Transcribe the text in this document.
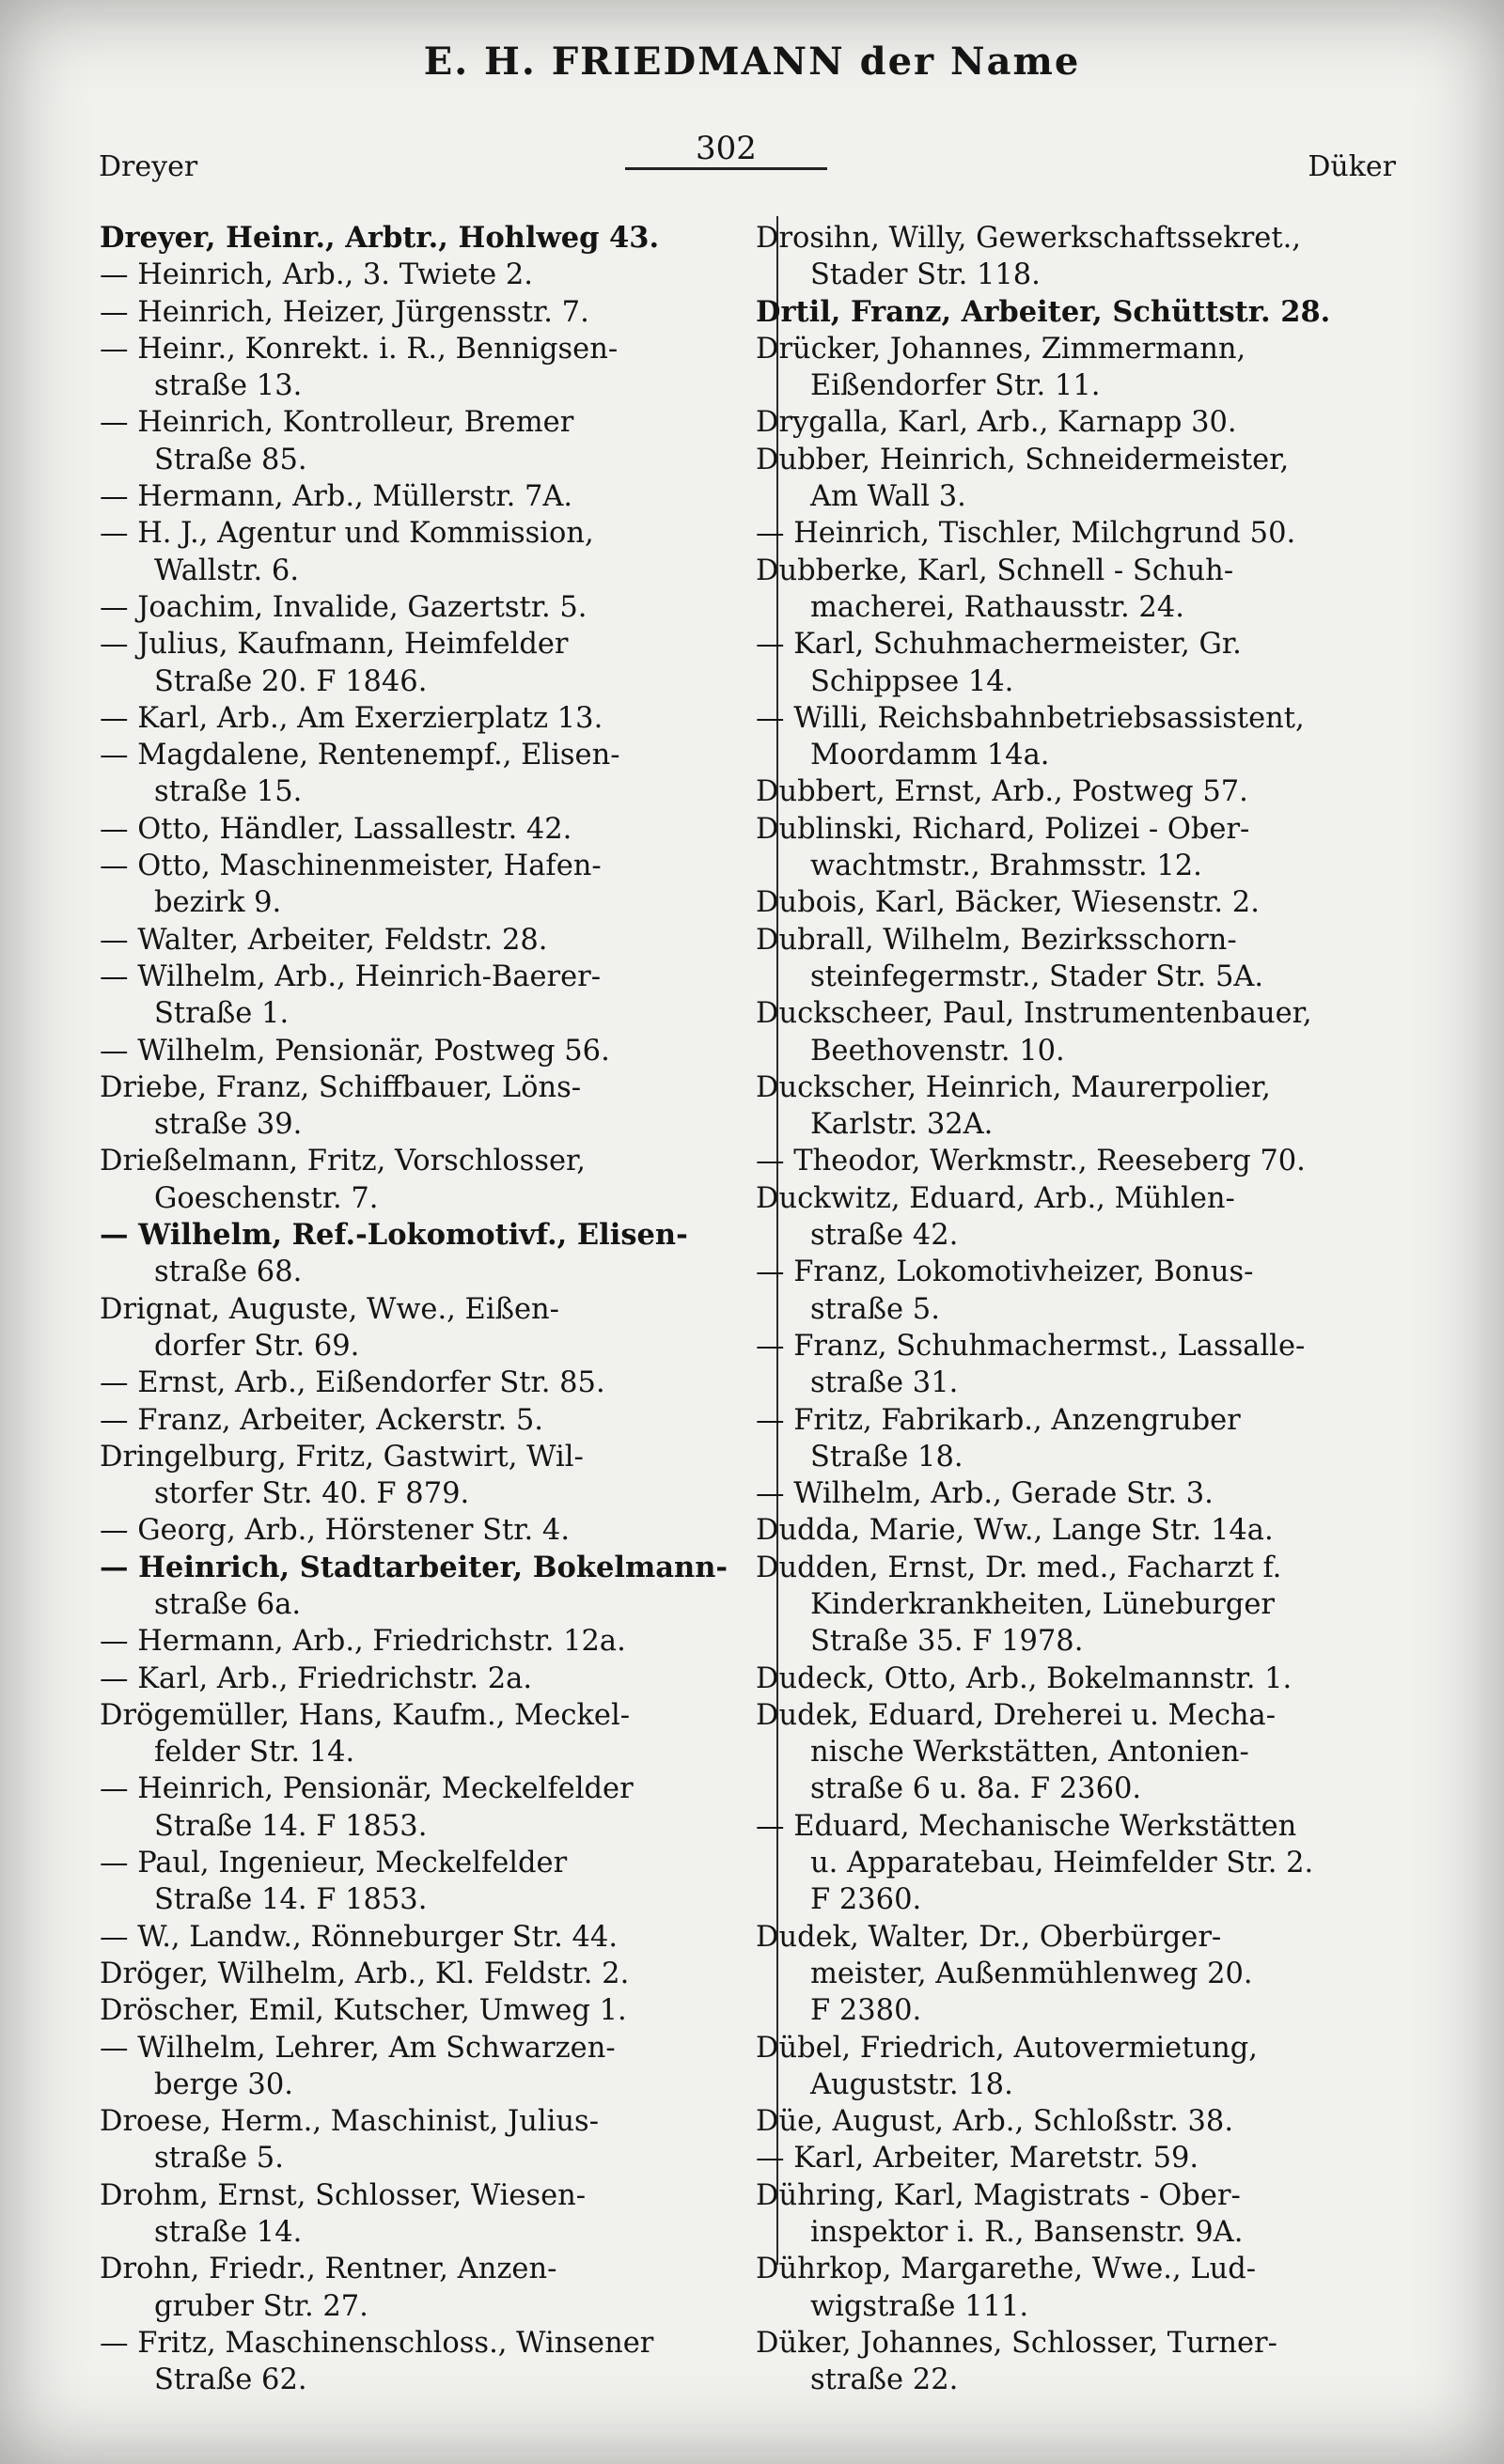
E. H. FRIEDMANN der Name
Dreyer	302	Düker
Dreyer, Heinr., Arbtr., Hohlweg 43.
— Heinrich, Arb., 3. Twiete 2.
— Heinrich, Heizer, Jürgensstr. 7.
— Heinr., Konrekt. i. R., Bennigsen-
straße 13.
— Heinrich, Kontrolleur, Bremer
Straße 85.
— Hermann, Arb., Müllerstr. 7A.
— H. J., Agentur und Kommission,
Wallstr. 6.
— Joachim, Invalide, Gazertstr. 5.
— Julius, Kaufmann, Heimfelder
Straße 20. F 1846.
— Karl, Arb., Am Exerzierplatz 13.
— Magdalene, Rentenempf., Elisen-
straße 15.
— Otto, Händler, Lassallestr. 42.
— Otto, Maschinenmeister, Hafen-
bezirk 9.
— Walter, Arbeiter, Feldstr. 28.
— Wilhelm, Arb., Heinrich-Baerer-
Straße 1.
— Wilhelm, Pensionär, Postweg 56.
Driebe, Franz, Schiffbauer, Löns-
straße 39.
Drießelmann, Fritz, Vorschlosser,
Goeschenstr. 7.
— Wilhelm, Ref.-Lokomotivf., Elisen-
straße 68.
Drignat, Auguste, Wwe., Eißen-
dorfer Str. 69.
— Ernst, Arb., Eißendorfer Str. 85.
— Franz, Arbeiter, Ackerstr. 5.
Dringelburg, Fritz, Gastwirt, Wil-
storfer Str. 40. F 879.
— Georg, Arb., Hörstener Str. 4.
— Heinrich, Stadtarbeiter, Bokelmann-
straße 6a.
— Hermann, Arb., Friedrichstr. 12a.
— Karl, Arb., Friedrichstr. 2a.
Drögemüller, Hans, Kaufm., Meckel-
felder Str. 14.
— Heinrich, Pensionär, Meckelfelder
Straße 14. F 1853.
— Paul, Ingenieur, Meckelfelder
Straße 14. F 1853.
— W., Landw., Rönneburger Str. 44.
Dröger, Wilhelm, Arb., Kl. Feldstr. 2.
Dröscher, Emil, Kutscher, Umweg 1.
— Wilhelm, Lehrer, Am Schwarzen-
berge 30.
Droese, Herm., Maschinist, Julius-
straße 5.
Drohm, Ernst, Schlosser, Wiesen-
straße 14.
Drohn, Friedr., Rentner, Anzen-
gruber Str. 27.
— Fritz, Maschinenschloss., Winsener
Straße 62.
Drosihn, Willy, Gewerkschaftssekret.,
Stader Str. 118.
Drtil, Franz, Arbeiter, Schüttstr. 28.
Drücker, Johannes, Zimmermann,
Eißendorfer Str. 11.
Drygalla, Karl, Arb., Karnapp 30.
Dubber, Heinrich, Schneidermeister,
Am Wall 3.
— Heinrich, Tischler, Milchgrund 50.
Dubberke, Karl, Schnell - Schuh-
macherei, Rathausstr. 24.
— Karl, Schuhmachermeister, Gr.
Schippsee 14.
— Willi, Reichsbahnbetriebsassistent,
Moordamm 14a.
Dubbert, Ernst, Arb., Postweg 57.
Dublinski, Richard, Polizei - Ober-
wachtmstr., Brahmsstr. 12.
Dubois, Karl, Bäcker, Wiesenstr. 2.
Dubrall, Wilhelm, Bezirksschorn-
steinfegermstr., Stader Str. 5A.
Duckscheer, Paul, Instrumentenbauer,
Beethovenstr. 10.
Duckscher, Heinrich, Maurerpolier,
Karlstr. 32A.
— Theodor, Werkmstr., Reeseberg 70.
Duckwitz, Eduard, Arb., Mühlen-
straße 42.
— Franz, Lokomotivheizer, Bonus-
straße 5.
— Franz, Schuhmachermst., Lassalle-
straße 31.
— Fritz, Fabrikarb., Anzengruber
Straße 18.
— Wilhelm, Arb., Gerade Str. 3.
Dudda, Marie, Ww., Lange Str. 14a.
Dudden, Ernst, Dr. med., Facharzt f.
Kinderkrankheiten, Lüneburger
Straße 35. F 1978.
Dudeck, Otto, Arb., Bokelmannstr. 1.
Dudek, Eduard, Dreherei u. Mecha-
nische Werkstätten, Antonien-
straße 6 u. 8a. F 2360.
— Eduard, Mechanische Werkstätten
u. Apparatebau, Heimfelder Str. 2.
F 2360.
Dudek, Walter, Dr., Oberbürger-
meister, Außenmühlenweg 20.
F 2380.
Dübel, Friedrich, Autovermietung,
Auguststr. 18.
Düe, August, Arb., Schloßstr. 38.
— Karl, Arbeiter, Maretstr. 59.
Dühring, Karl, Magistrats - Ober-
inspektor i. R., Bansenstr. 9A.
Dührkop, Margarethe, Wwe., Lud-
wigstraße 111.
Düker, Johannes, Schlosser, Turner-
straße 22.
